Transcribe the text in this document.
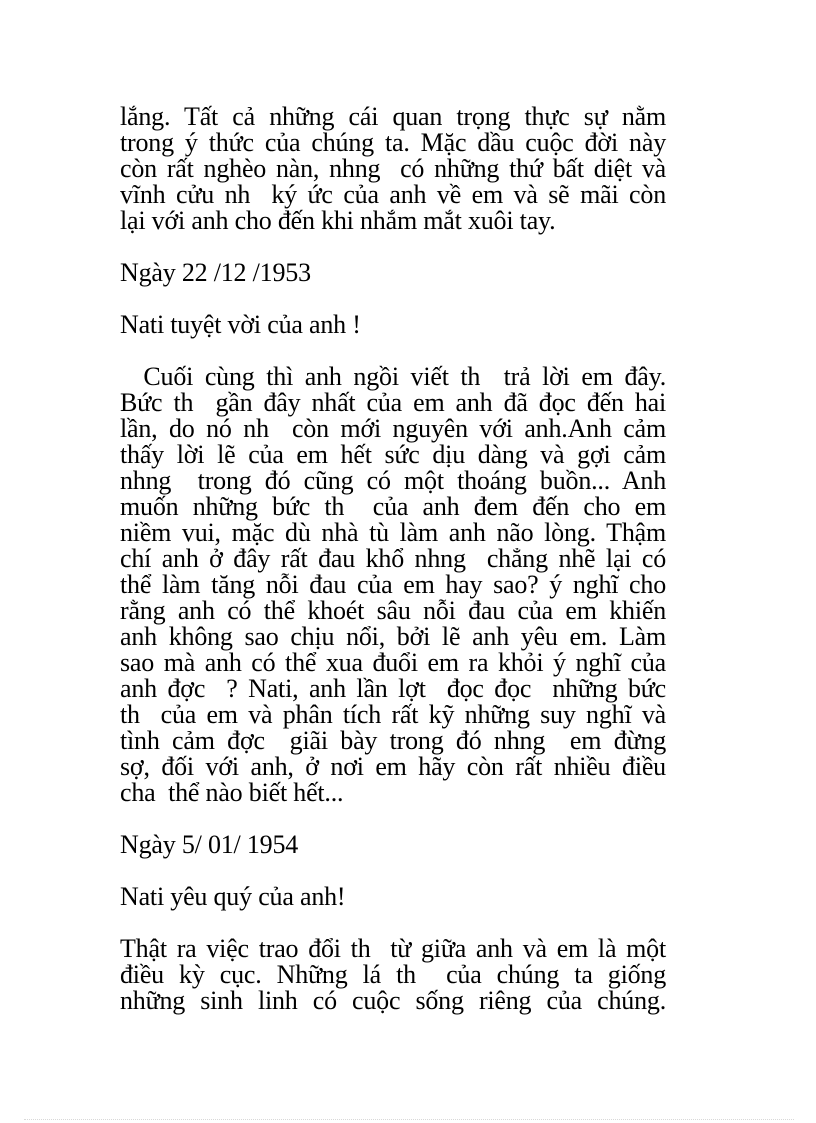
lắng. Tất cả những cái quan trọng thực sự nằm
trong ý thức của chúng ta. Mặc dầu cuộc đời này
còn rất nghèo nàn, nhng  có những thứ bất diệt và
vĩnh cửu nh  ký ức của anh về em và sẽ mãi còn
lại với anh cho đến khi nhắm mắt xuôi tay.
Ngày 22 /12 /1953
Nati tuyệt vời của anh !
Cuối cùng thì anh ngồi viết th  trả lời em đây.
Bức th  gần đây nhất của em anh đã đọc đến hai
lần, do nó nh  còn mới nguyên với anh.Anh cảm
thấy lời lẽ của em hết sức dịu dàng và gợi cảm
nhng  trong đó cũng có một thoáng buồn... Anh
muốn những bức th  của anh đem đến cho em
niềm vui, mặc dù nhà tù làm anh não lòng. Thậm
chí anh ở đây rất đau khổ nhng  chẳng nhẽ lại có
thể làm tăng nỗi đau của em hay sao? ý nghĩ cho
rằng anh có thể khoét sâu nỗi đau của em khiến
anh không sao chịu nổi, bởi lẽ anh yêu em. Làm
sao mà anh có thể xua đuổi em ra khỏi ý nghĩ của
anh đợc  ? Nati, anh lần lợt  đọc đọc  những bức
th  của em và phân tích rất kỹ những suy nghĩ và
tình cảm đợc  giãi bày trong đó nhng  em đừng
sợ, đối với anh, ở nơi em hãy còn rất nhiều điều
cha  thể nào biết hết...
Ngày 5/ 01/ 1954
Nati yêu quý của anh!
Thật ra việc trao đổi th  từ giữa anh và em là một
điều kỳ cục. Những lá th  của chúng ta giống
những sinh linh có cuộc sống riêng của chúng.
